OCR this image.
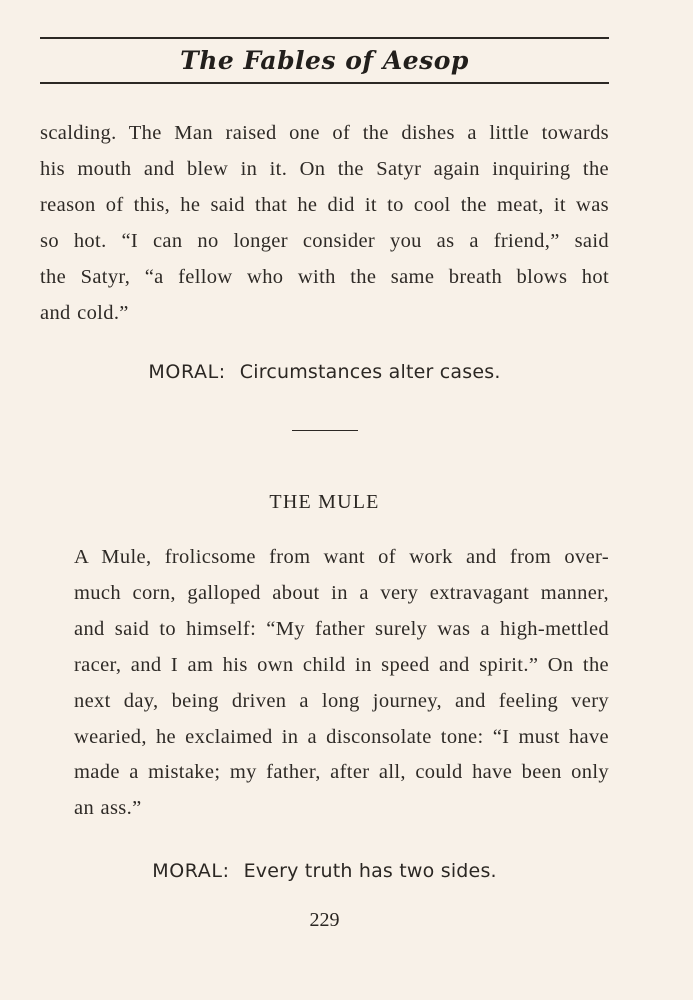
The Fables of Aesop
scalding. The Man raised one of the dishes a little towards
his mouth and blew in it. On the Satyr again inquiring the
reason of this, he said that he did it to cool the meat, it was
so hot. “I can no longer consider you as a friend,” said
the Satyr, “a fellow who with the same breath blows hot
and cold.”
MORAL: Circumstances alter cases.
THE MULE
A Mule, frolicsome from want of work and from over-
much corn, galloped about in a very extravagant manner,
and said to himself: “My father surely was a high-mettled
racer, and I am his own child in speed and spirit.” On the
next day, being driven a long journey, and feeling very
wearied, he exclaimed in a disconsolate tone: “I must have
made a mistake; my father, after all, could have been only
an ass.”
MORAL: Every truth has two sides.
229
